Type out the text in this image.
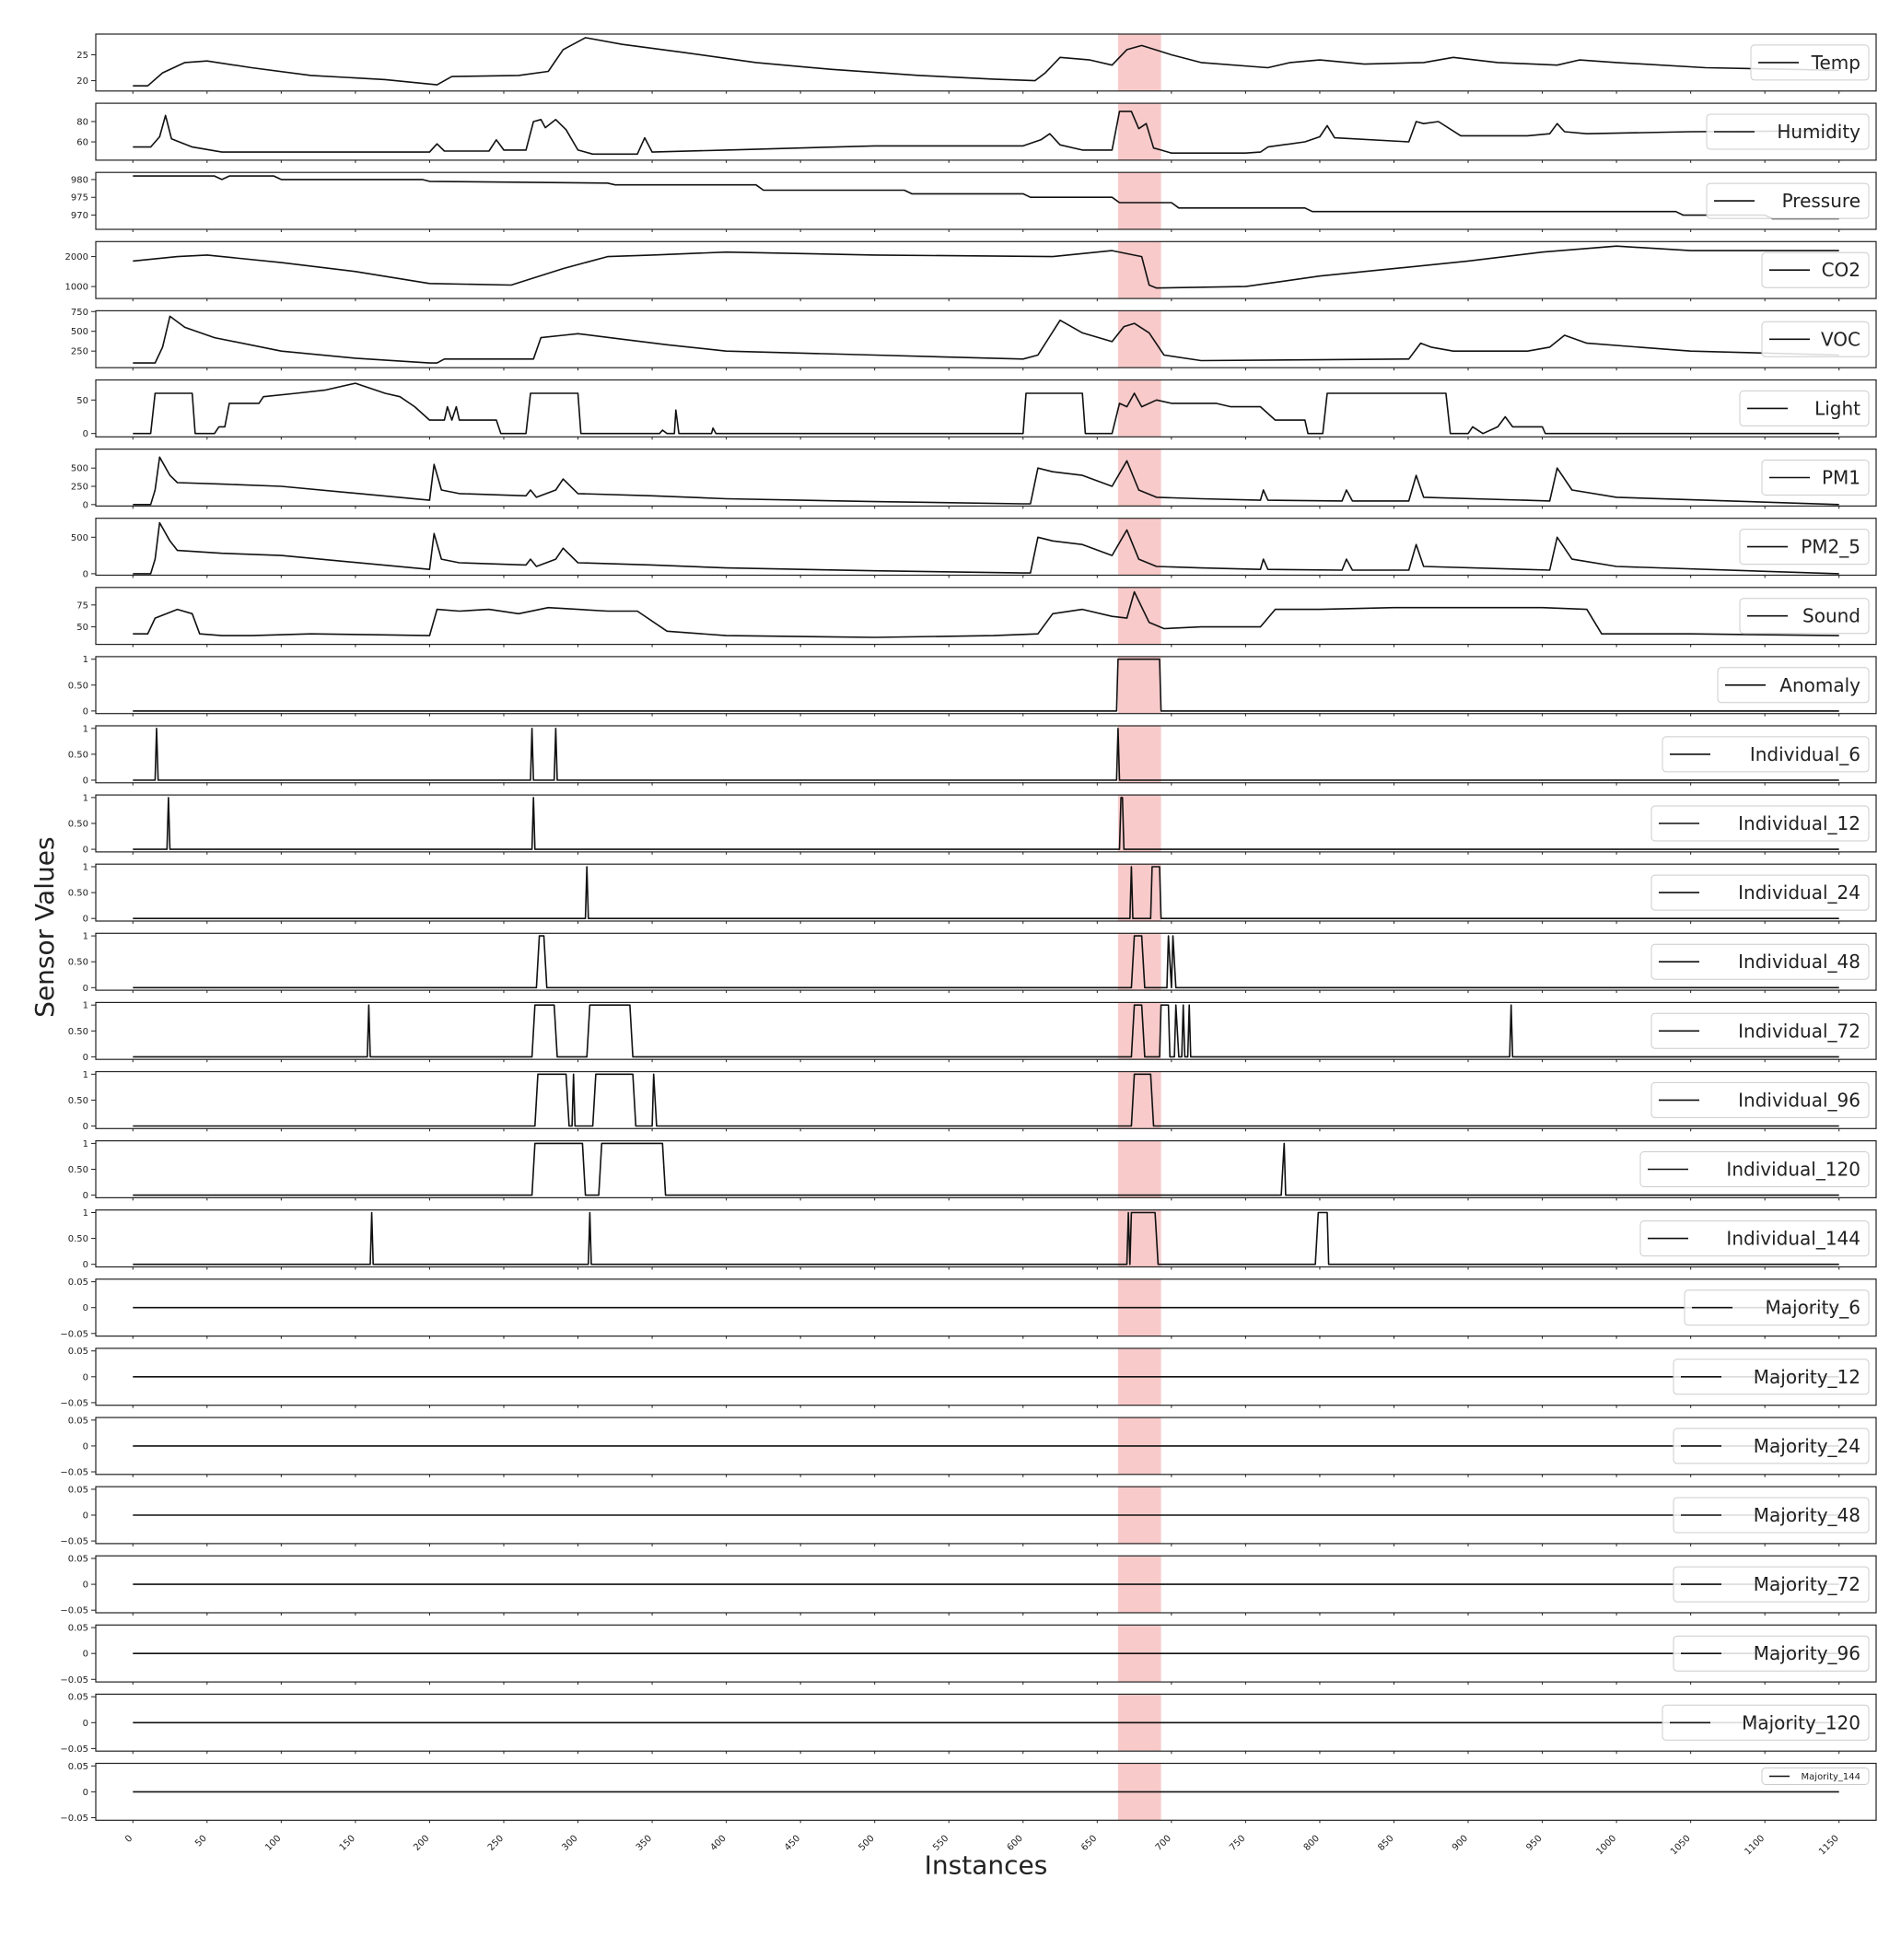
20
25	Temp
60
80	Humidity
970
975
980
Pressure
1000
2000
CO2
250
500
750
VOC
0
50	Light
0
250
500	PM1
0
500	PM2_5
50
75	Sound
0
0.50
1
Anomaly
0
0.50
1
Individual_6
0
0.50
1
Individual_12
0
0.50
1
Individual_24
0
0.50
1
Individual_48
0
0.50
1
Individual_72
0
0.50
1
Individual_96
0
0.50
1
Individual_120
0
0.50
1
Individual_144
−0.05
0
0.05
Majority_6
−0.05
0
0.05
Majority_12
−0.05
0
0.05
Majority_24
−0.05
0
0.05
Majority_48
−0.05
0
0.05
Majority_72
−0.05
0
0.05
Majority_96
−0.05
0
0.05
Majority_120
−0.05
0
0.05
Majority_144
0	50	100	150	200	250	300	350	400	450	500	550	600	650	700	750	800	850	900	950	1000	1050	1100	1150
Instances
Sensor Values
